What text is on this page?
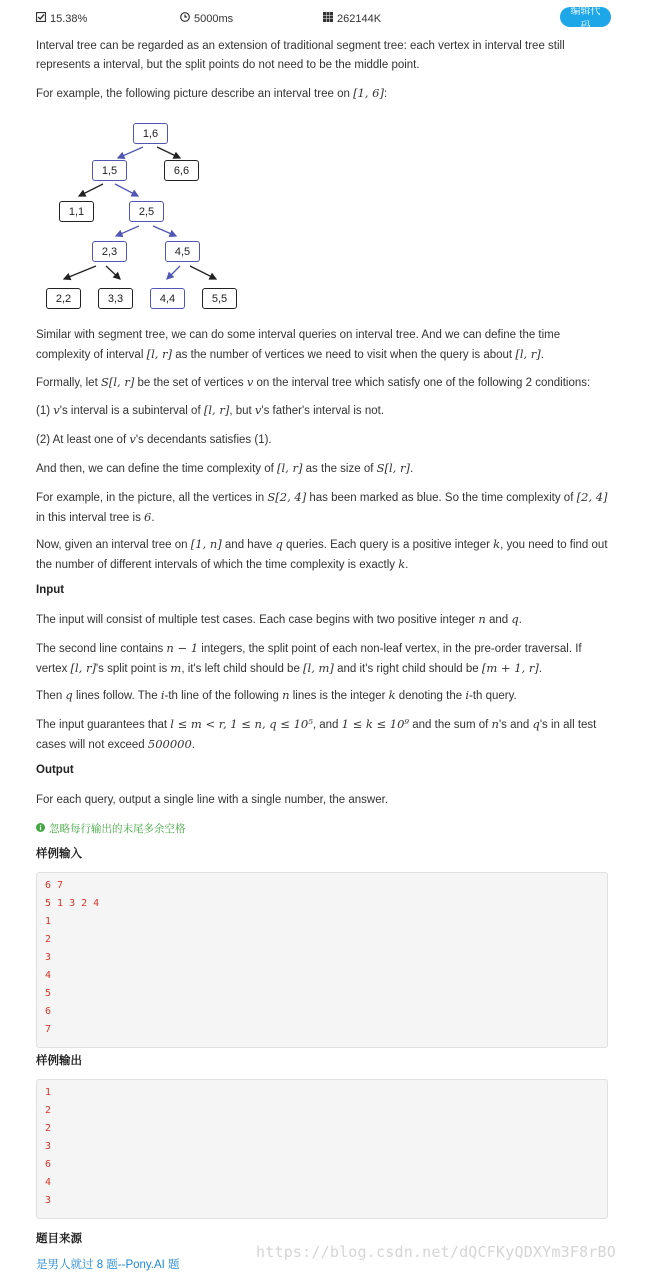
15.38%	5000ms	262144K
编辑代码
Interval tree can be regarded as an extension of traditional segment tree: each vertex in interval tree still represents a interval, but the split points do not need to be the middle point.
For example, the following picture describe an interval tree on [1, 6]:
1,6
1,5	6,6
1,1	2,5
2,3	4,5
2,2	3,3	4,4	5,5
Similar with segment tree, we can do some interval queries on interval tree. And we can define the time complexity of interval [l, r] as the number of vertices we need to visit when the query is about [l, r].
Formally, let S[l, r] be the set of vertices v on the interval tree which satisfy one of the following 2 conditions:
(1) v's interval is a subinterval of [l, r], but v's father's interval is not.
(2) At least one of v's decendants satisfies (1).
And then, we can define the time complexity of [l, r] as the size of S[l, r].
For example, in the picture, all the vertices in S[2, 4] has been marked as blue. So the time complexity of [2, 4] in this interval tree is 6.
Now, given an interval tree on [1, n] and have q queries. Each query is a positive integer k, you need to find out the number of different intervals of which the time complexity is exactly k.
Input
The input will consist of multiple test cases. Each case begins with two positive integer n and q.
The second line contains n − 1 integers, the split point of each non-leaf vertex, in the pre-order traversal. If vertex [l, r]'s split point is m, it's left child should be [l, m] and it's right child should be [m + 1, r].
Then q lines follow. The i-th line of the following n lines is the integer k denoting the i-th query.
The input guarantees that l ≤ m < r, 1 ≤ n, q ≤ 10⁵, and 1 ≤ k ≤ 10⁹ and the sum of n's and q's in all test cases will not exceed 500000.
Output
For each query, output a single line with a single number, the answer.
忽略每行输出的末尾多余空格
样例输入
6 7
5 1 3 2 4
1
2
3
4
5
6
7
样例输出
1
2
2
3
6
4
3
题目来源
https://blog.csdn.net/dQCFKyQDXYm3F8rBO
是男人就过 8 题--Pony.AI 题
